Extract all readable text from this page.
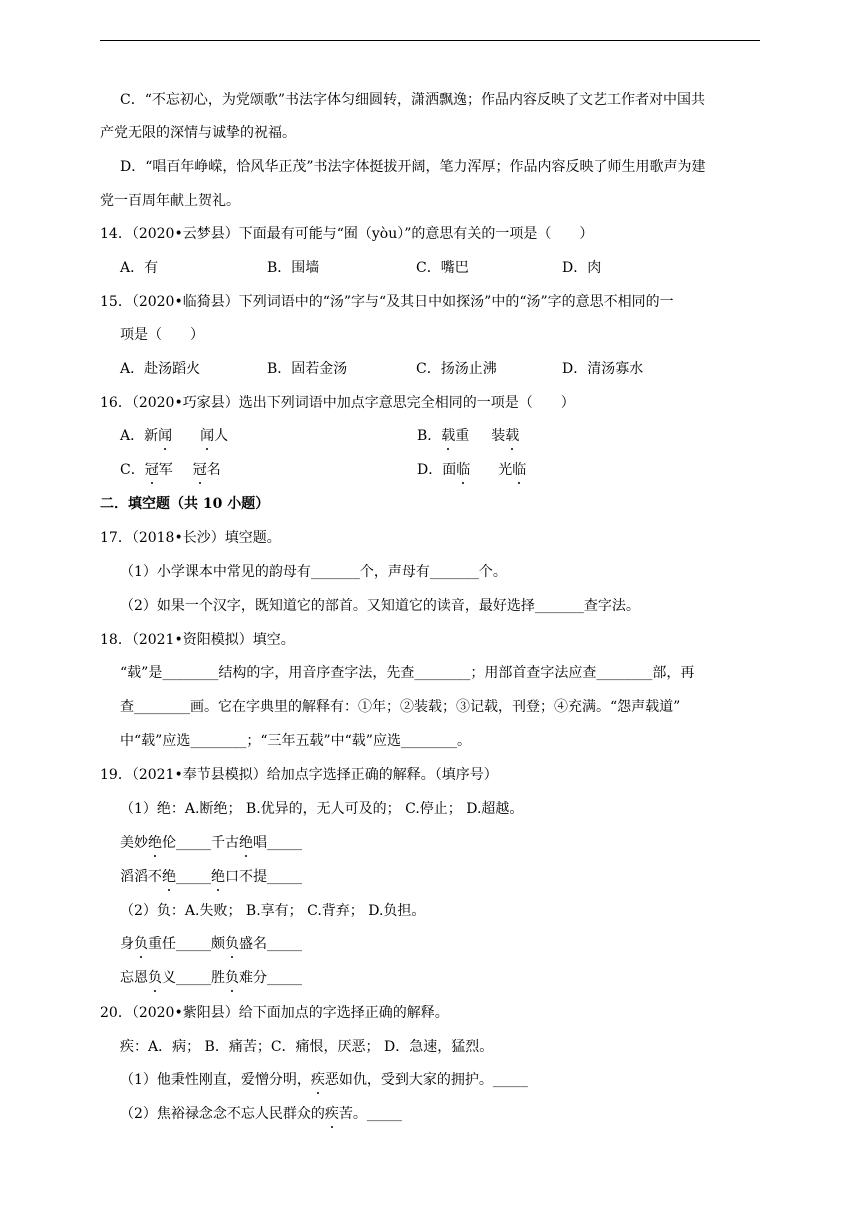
C．“不忘初心，为党颂歌”书法字体匀细圆转，潇洒飘逸；作品内容反映了文艺工作者对中国共
产党无限的深情与诚挚的祝福。
D．“唱百年峥嵘，恰风华正茂”书法字体挺拔开阔，笔力浑厚；作品内容反映了师生用歌声为建
党一百周年献上贺礼。
14．（2020•云梦县）下面最有可能与“囿（yòu）”的意思有关的一项是（　　）
A．有	B．围墙	C．嘴巴	D．肉
15．（2020•临猗县）下列词语中的“汤”字与“及其日中如探汤”中的“汤”字的意思不相同的一
项是（　　）
A．赴汤蹈火	B．固若金汤	C．扬汤止沸	D．清汤寡水
16．（2020•巧家县）选出下列词语中加点字意思完全相同的一项是（　　）
A．新闻 闻人	B．载重 装载
C．冠军 冠名	D．面临 光临
二．填空题（共 10 小题）
17．（2018•长沙）填空题。
（1）小学课本中常见的韵母有_______个，声母有_______个。
（2）如果一个汉字，既知道它的部首。又知道它的读音，最好选择_______查字法。
18．（2021•资阳模拟）填空。
“载”是________结构的字，用音序查字法，先查________；用部首查字法应查________部，再
查________画。它在字典里的解释有：①年；②装载；③记载，刊登；④充满。“怨声载道”
中“载”应选________；“三年五载”中“载”应选________。
19．（2021•奉节县模拟）给加点字选择正确的解释。（填序号）
（1）绝：A.断绝； B.优异的，无人可及的； C.停止； D.超越。
美妙绝伦_____千古绝唱_____
滔滔不绝_____绝口不提_____
（2）负：A.失败； B.享有； C.背弃； D.负担。
身负重任_____颇负盛名_____
忘恩负义_____胜负难分_____
20．（2020•紫阳县）给下面加点的字选择正确的解释。
疾：A．病； B．痛苦；C．痛恨，厌恶； D．急速，猛烈。
（1）他秉性刚直，爱憎分明，疾恶如仇，受到大家的拥护。_____
（2）焦裕禄念念不忘人民群众的疾苦。_____
